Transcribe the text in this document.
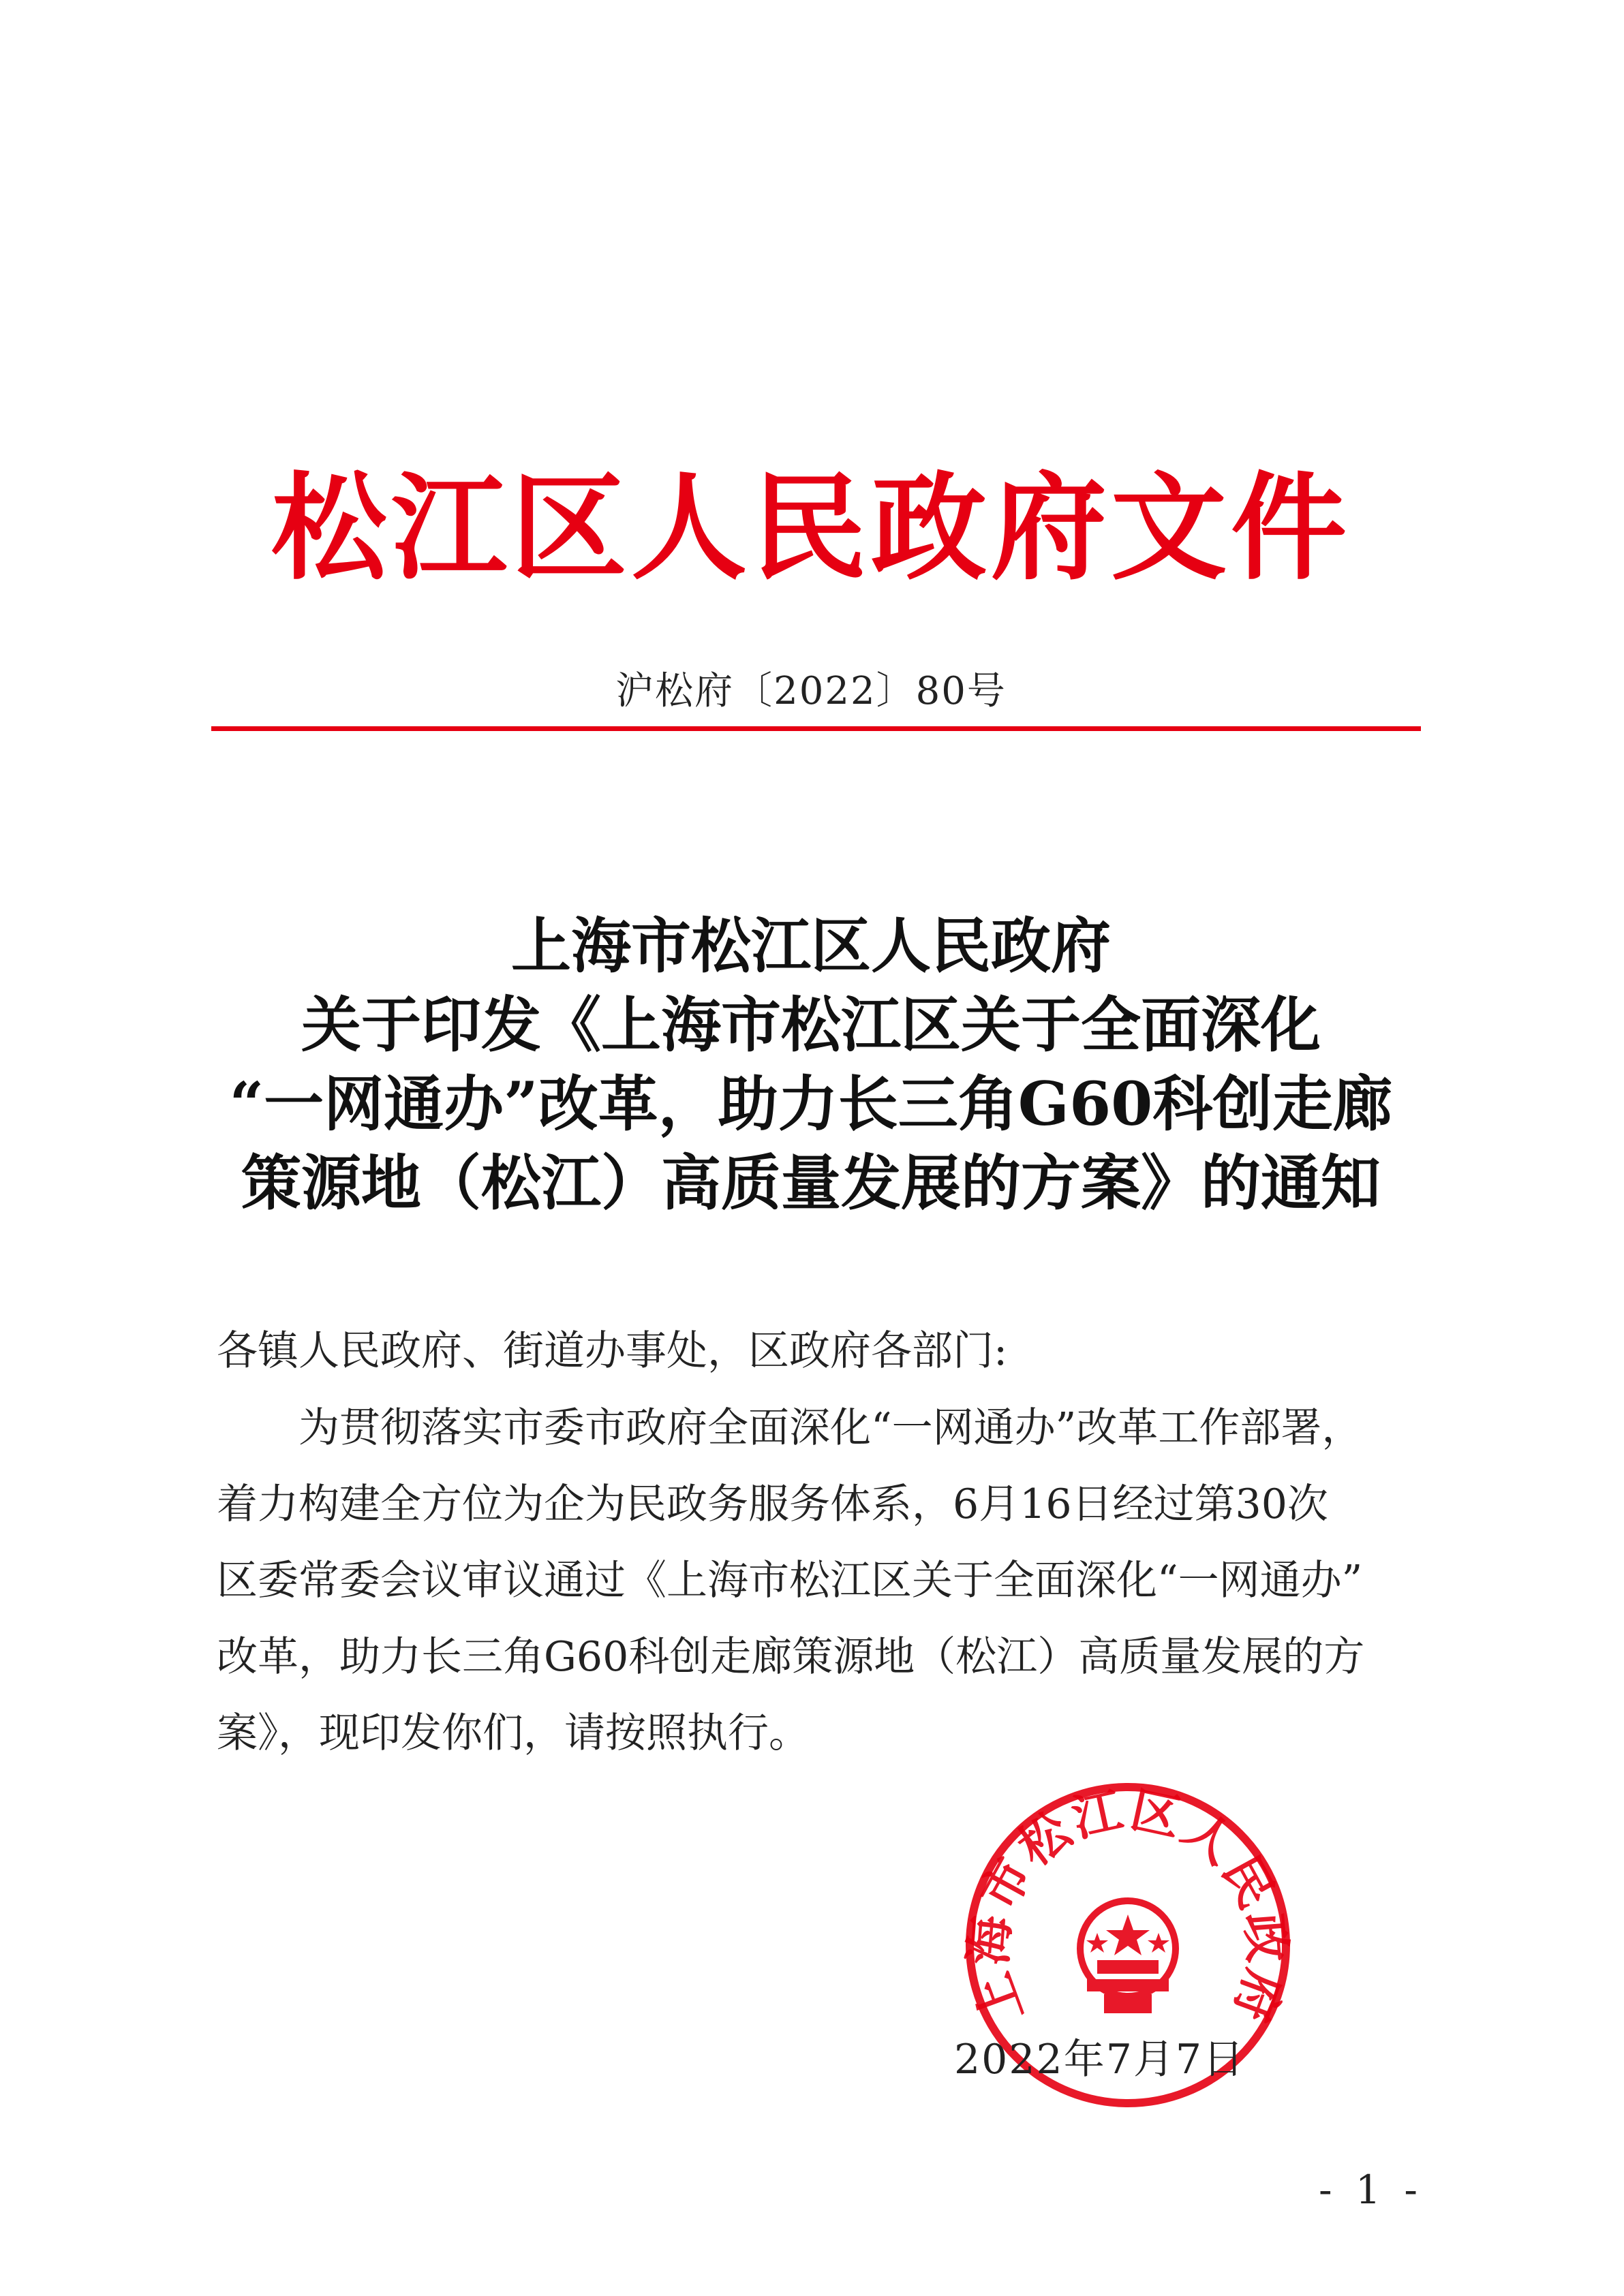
松江区人民政府文件
沪松府〔2022〕80号
上海市松江区人民政府
关于印发《上海市松江区关于全面深化
“一网通办”改革，助力长三角G60科创走廊
策源地（松江）高质量发展的方案》的通知
各镇人民政府、街道办事处，区政府各部门:
为贯彻落实市委市政府全面深化“一网通办”改革工作部署，
着力构建全方位为企为民政务服务体系，6月16日经过第30次
区委常委会议审议通过《上海市松江区关于全面深化“一网通办”
改革，助力长三角G60科创走廊策源地（松江）高质量发展的方
案》，现印发你们，请按照执行。
上海市松江区人民政府
2022年7月7日
- 1 -
